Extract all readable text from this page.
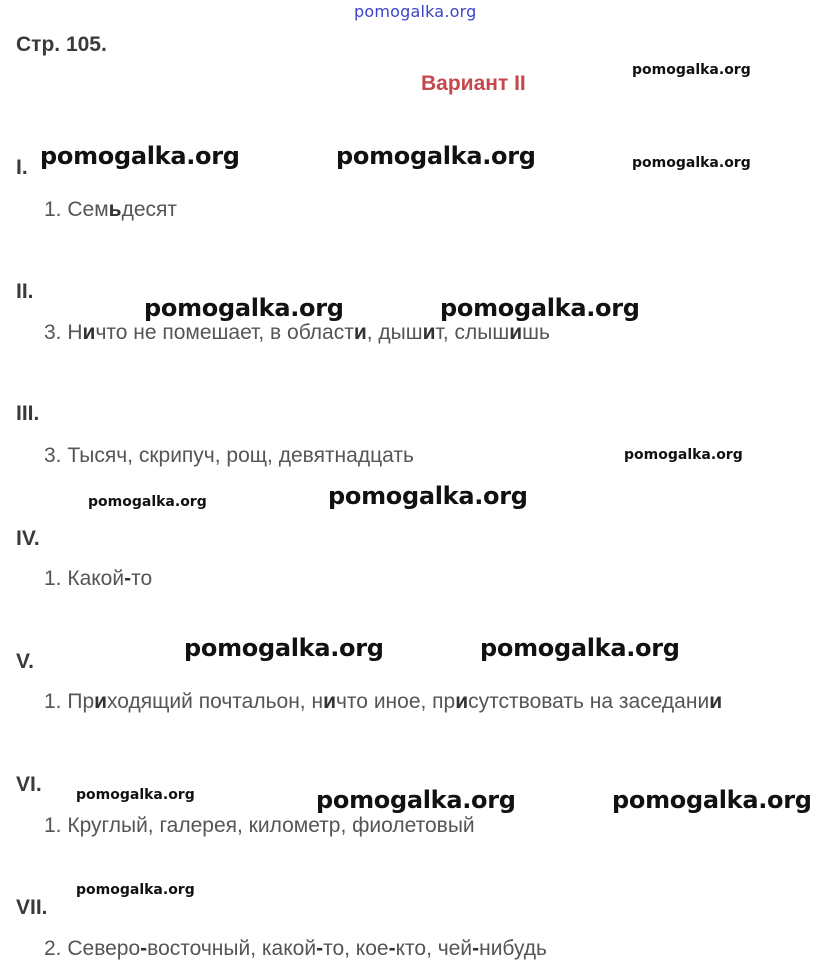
pomogalka.org
Стр. 105.
Вариант II
I.
1. Семьдесят
II.
3. Ничто не помешает, в области, дышит, слышишь
III.
3. Тысяч, скрипуч, рощ, девятнадцать
IV.
1. Какой-то
V.
1. Приходящий почтальон, ничто иное, присутствовать на заседании
VI.
1. Круглый, галерея, километр, фиолетовый
VII.
2. Северо-восточный, какой-то, кое-кто, чей-нибудь
pomogalka.org
pomogalka.org	pomogalka.org	pomogalka.org
pomogalka.org	pomogalka.org
pomogalka.org
pomogalka.org
pomogalka.org
pomogalka.org	pomogalka.org
pomogalka.org	pomogalka.org	pomogalka.org
pomogalka.org
